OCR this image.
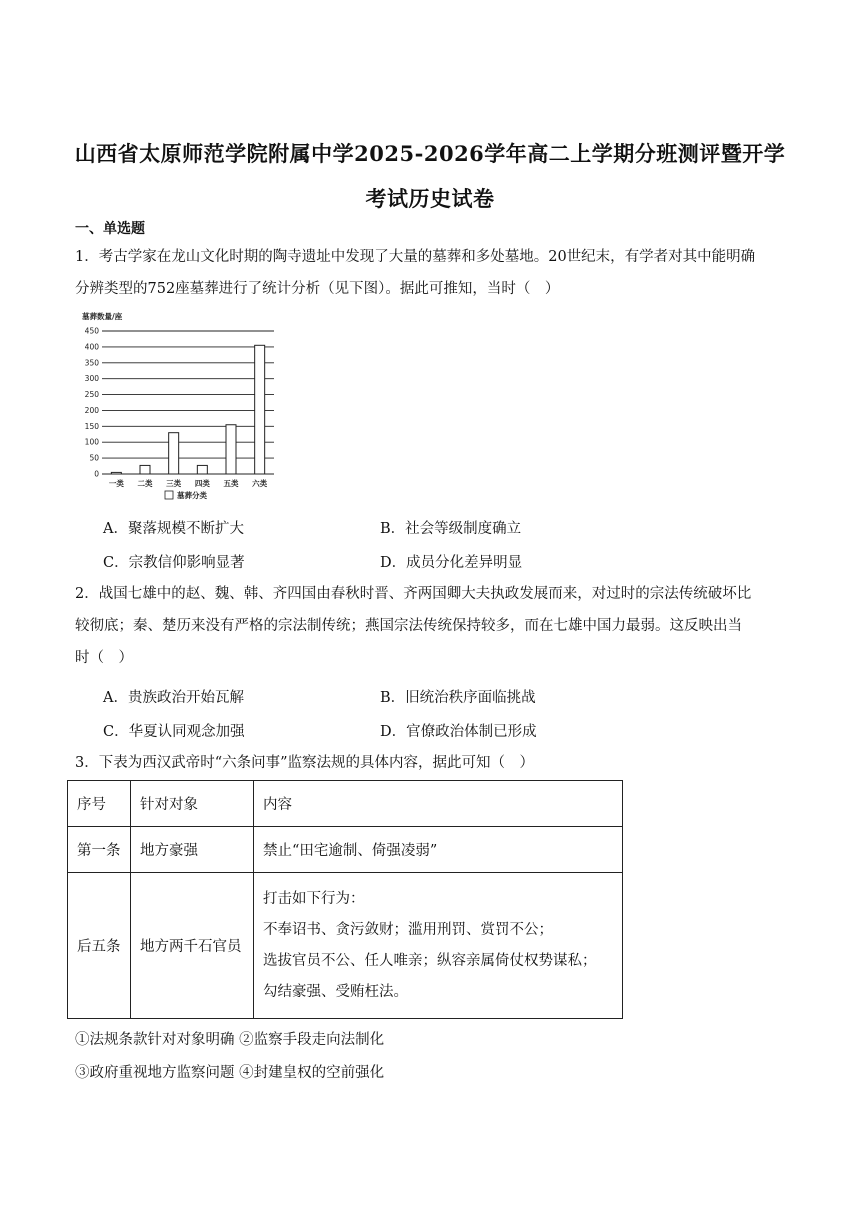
山西省太原师范学院附属中学2025-2026学年高二上学期分班测评暨开学
考试历史试卷
一、单选题
1．考古学家在龙山文化时期的陶寺遗址中发现了大量的墓葬和多处墓地。20世纪末，有学者对其中能明确
分辨类型的752座墓葬进行了统计分析（见下图）。据此可推知，当时（　）
墓葬数量/座
0
50
100
150
200
250
300
350
400
450
一类 二类 三类 四类 五类 六类
墓葬分类
A．聚落规模不断扩大	B．社会等级制度确立
C．宗教信仰影响显著	D．成员分化差异明显
2．战国七雄中的赵、魏、韩、齐四国由春秋时晋、齐两国卿大夫执政发展而来，对过时的宗法传统破坏比
较彻底；秦、楚历来没有严格的宗法制传统；燕国宗法传统保持较多，而在七雄中国力最弱。这反映出当
时（　）
A．贵族政治开始瓦解	B．旧统治秩序面临挑战
C．华夏认同观念加强	D．官僚政治体制已形成
3．下表为西汉武帝时“六条问事”监察法规的具体内容，据此可知（　）
序号	针对对象	内容
第一条	地方豪强	禁止“田宅逾制、倚强凌弱”
后五条	地方两千石官员	打击如下行为：
不奉诏书、贪污敛财；滥用刑罚、赏罚不公；
选拔官员不公、任人唯亲；纵容亲属倚仗权势谋私；
勾结豪强、受贿枉法。
①法规条款针对对象明确 ②监察手段走向法制化
③政府重视地方监察问题 ④封建皇权的空前强化
